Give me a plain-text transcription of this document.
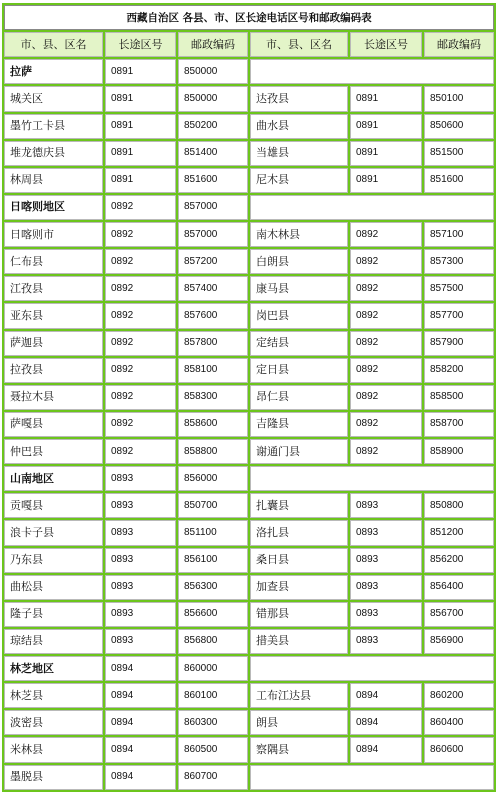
西藏自治区 各县、市、区长途电话区号和邮政编码表					
市、县、区名	长途区号	邮政编码	市、县、区名	长途区号	邮政编码
拉萨	0891	850000			
城关区	0891	850000	达孜县	0891	850100
墨竹工卡县	0891	850200	曲水县	0891	850600
堆龙德庆县	0891	851400	当雄县	0891	851500
林周县	0891	851600	尼木县	0891	851600
日喀则地区	0892	857000			
日喀则市	0892	857000	南木林县	0892	857100
仁布县	0892	857200	白朗县	0892	857300
江孜县	0892	857400	康马县	0892	857500
亚东县	0892	857600	岗巴县	0892	857700
萨迦县	0892	857800	定结县	0892	857900
拉孜县	0892	858100	定日县	0892	858200
聂拉木县	0892	858300	昂仁县	0892	858500
萨嘎县	0892	858600	吉隆县	0892	858700
仲巴县	0892	858800	谢通门县	0892	858900
山南地区	0893	856000			
贡嘎县	0893	850700	扎囊县	0893	850800
浪卡子县	0893	851100	洛扎县	0893	851200
乃东县	0893	856100	桑日县	0893	856200
曲松县	0893	856300	加查县	0893	856400
隆子县	0893	856600	错那县	0893	856700
琼结县	0893	856800	措美县	0893	856900
林芝地区	0894	860000			
林芝县	0894	860100	工布江达县	0894	860200
波密县	0894	860300	朗县	0894	860400
米林县	0894	860500	察隅县	0894	860600
墨脱县	0894	860700			
